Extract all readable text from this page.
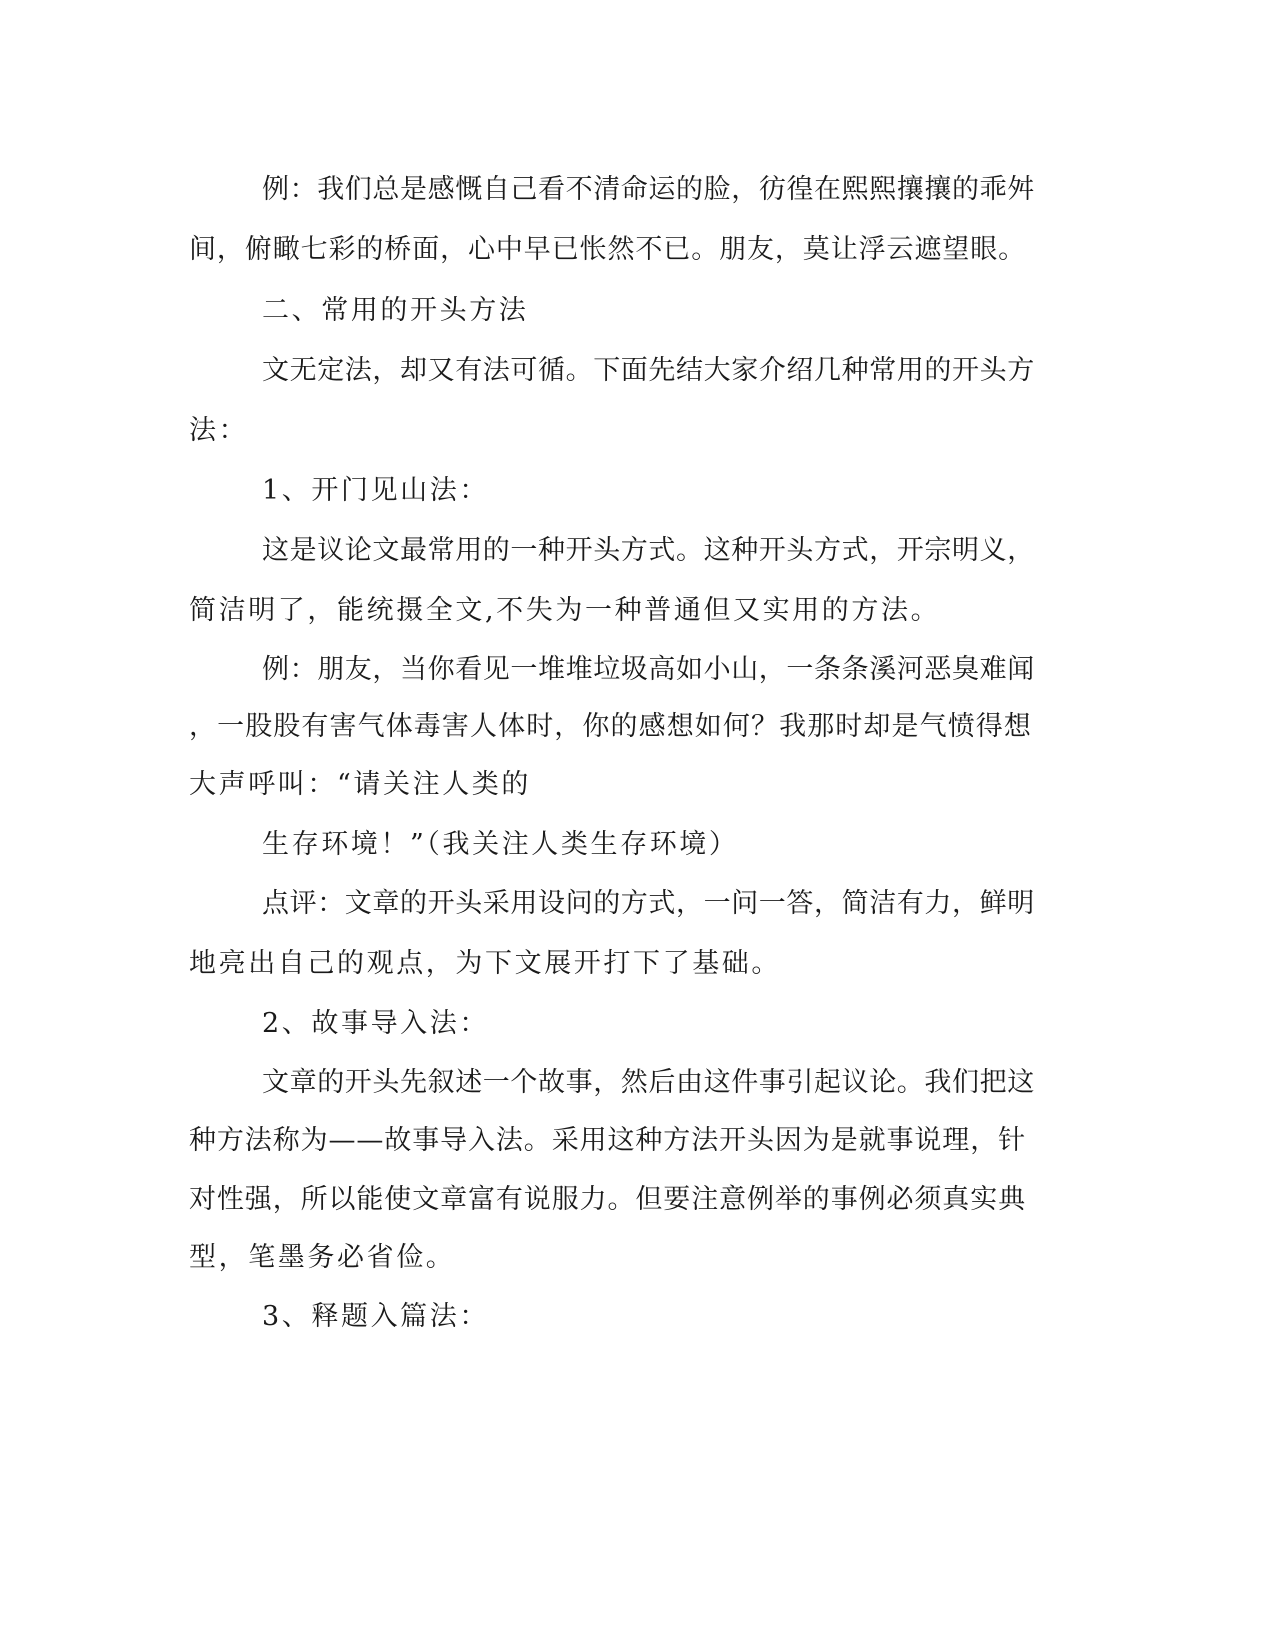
例：我们总是感慨自己看不清命运的脸，彷徨在熙熙攘攘的乖舛

间，俯瞰七彩的桥面，心中早已怅然不已。朋友，莫让浮云遮望眼。

二、常用的开头方法

文无定法，却又有法可循。下面先结大家介绍几种常用的开头方

法：

1、开门见山法：

这是议论文最常用的一种开头方式。这种开头方式，开宗明义，

简洁明了，能统摄全文,不失为一种普通但又实用的方法。

例：朋友，当你看见一堆堆垃圾高如小山，一条条溪河恶臭难闻

，一股股有害气体毒害人体时，你的感想如何？我那时却是气愤得想

大声呼叫：“请关注人类的

生存环境！”（我关注人类生存环境）

点评：文章的开头采用设问的方式，一问一答，简洁有力，鲜明

地亮出自己的观点，为下文展开打下了基础。

2、故事导入法：

文章的开头先叙述一个故事，然后由这件事引起议论。我们把这

种方法称为——故事导入法。采用这种方法开头因为是就事说理，针

对性强，所以能使文章富有说服力。但要注意例举的事例必须真实典

型，笔墨务必省俭。

3、释题入篇法：
